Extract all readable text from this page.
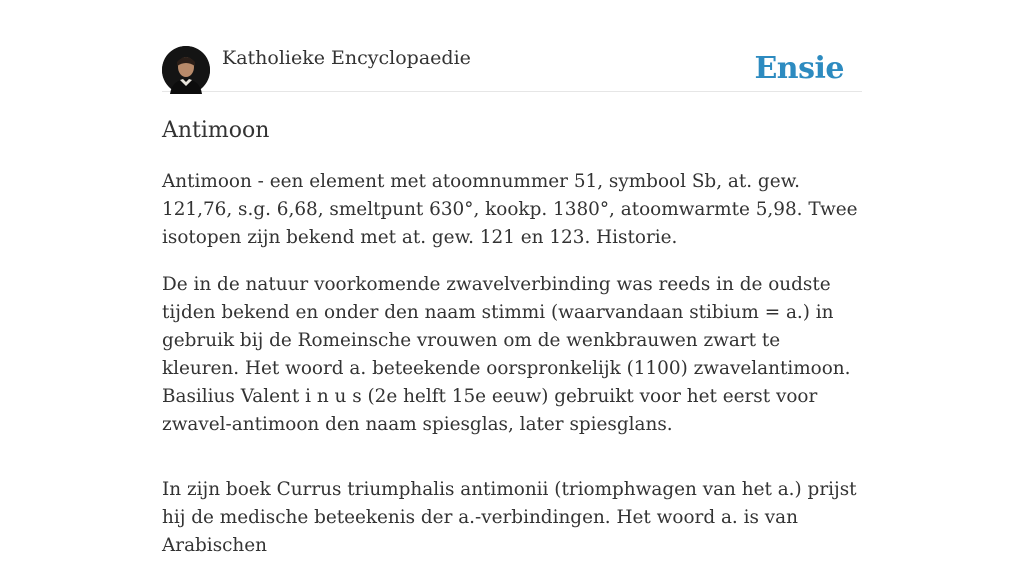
Katholieke Encyclopaedie	Ensie
Antimoon

Antimoon - een element met atoomnummer 51, symbool Sb, at. gew. 121,76, s.g. 6,68, smeltpunt 630°, kookp. 1380°, atoomwarmte 5,98. Twee isotopen zijn bekend met at. gew. 121 en 123. Historie.

De in de natuur voorkomende zwavelverbinding was reeds in de oudste tijden bekend en onder den naam stimmi (waarvandaan stibium = a.) in gebruik bij de Romeinsche vrouwen om de wenkbrauwen zwart te kleuren. Het woord a. beteekende oorspronkelijk (1100) zwavelantimoon. Basilius Valent i n u s (2e helft 15e eeuw) gebruikt voor het eerst voor zwavel-antimoon den naam spiesglas, later spiesglans.

In zijn boek Currus triumphalis antimonii (triomphwagen van het a.) prijst hij de medische beteekenis der a.-verbindingen. Het woord a. is van Arabischen
